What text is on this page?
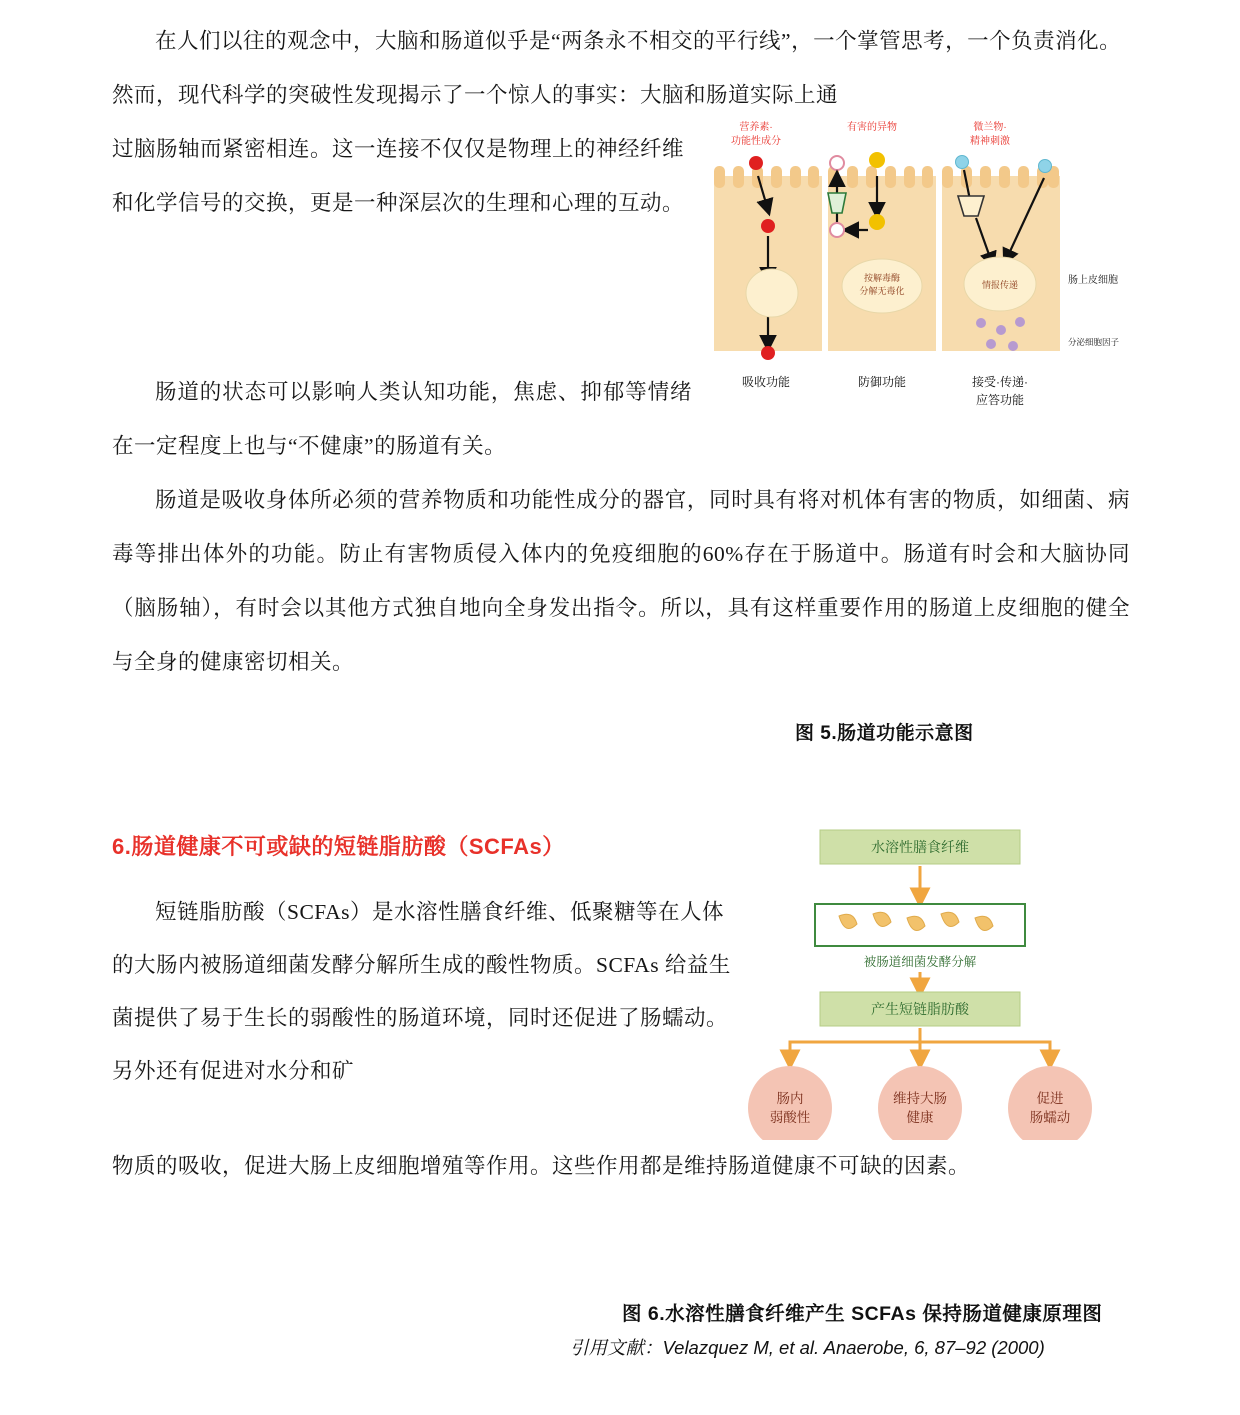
在人们以往的观念中，大脑和肠道似乎是“两条永不相交的平行线”，一个掌管思考，一个负责消化。然而，现代科学的突破性发现揭示了一个惊人的事实：大脑和肠道实际上通
过脑肠轴而紧密相连。这一连接不仅仅是物理上的神经纤维和化学信号的交换，更是一种深层次的生理和心理的互动。
肠道的状态可以影响人类认知功能，焦虑、抑郁等情绪在一定程度上也与“不健康”的肠道有关。
肠道是吸收身体所必须的营养物质和功能性成分的器官，同时具有将对机体有害的物质，如细菌、病毒等排出体外的功能。防止有害物质侵入体内的免疫细胞的60%存在于肠道中。肠道有时会和大脑协同（脑肠轴），有时会以其他方式独自地向全身发出指令。所以，具有这样重要作用的肠道上皮细胞的健全与全身的健康密切相关。
营养素·
功能性成分
有害的异物	微兰物·
精神刺激
按解毒酶
分解无毒化
情报传递	肠上皮细胞
分泌细胞因子
吸收功能	防御功能	接受·传递·
应答功能
图 5.肠道功能示意图
6.肠道健康不可或缺的短链脂肪酸（SCFAs）
短链脂肪酸（SCFAs）是水溶性膳食纤维、低聚糖等在人体的大肠内被肠道细菌发酵分解所生成的酸性物质。SCFAs 给益生菌提供了易于生长的弱酸性的肠道环境，同时还促进了肠蠕动。另外还有促进对水分和矿
物质的吸收，促进大肠上皮细胞增殖等作用。这些作用都是维持肠道健康不可缺的因素。
水溶性膳食纤维
被肠道细菌发酵分解
产生短链脂肪酸
肠内
弱酸性
维持大肠
健康
促进
肠蠕动
图 6.水溶性膳食纤维产生 SCFAs 保持肠道健康原理图
引用文献：Velazquez M, et al. Anaerobe, 6, 87–92 (2000)
